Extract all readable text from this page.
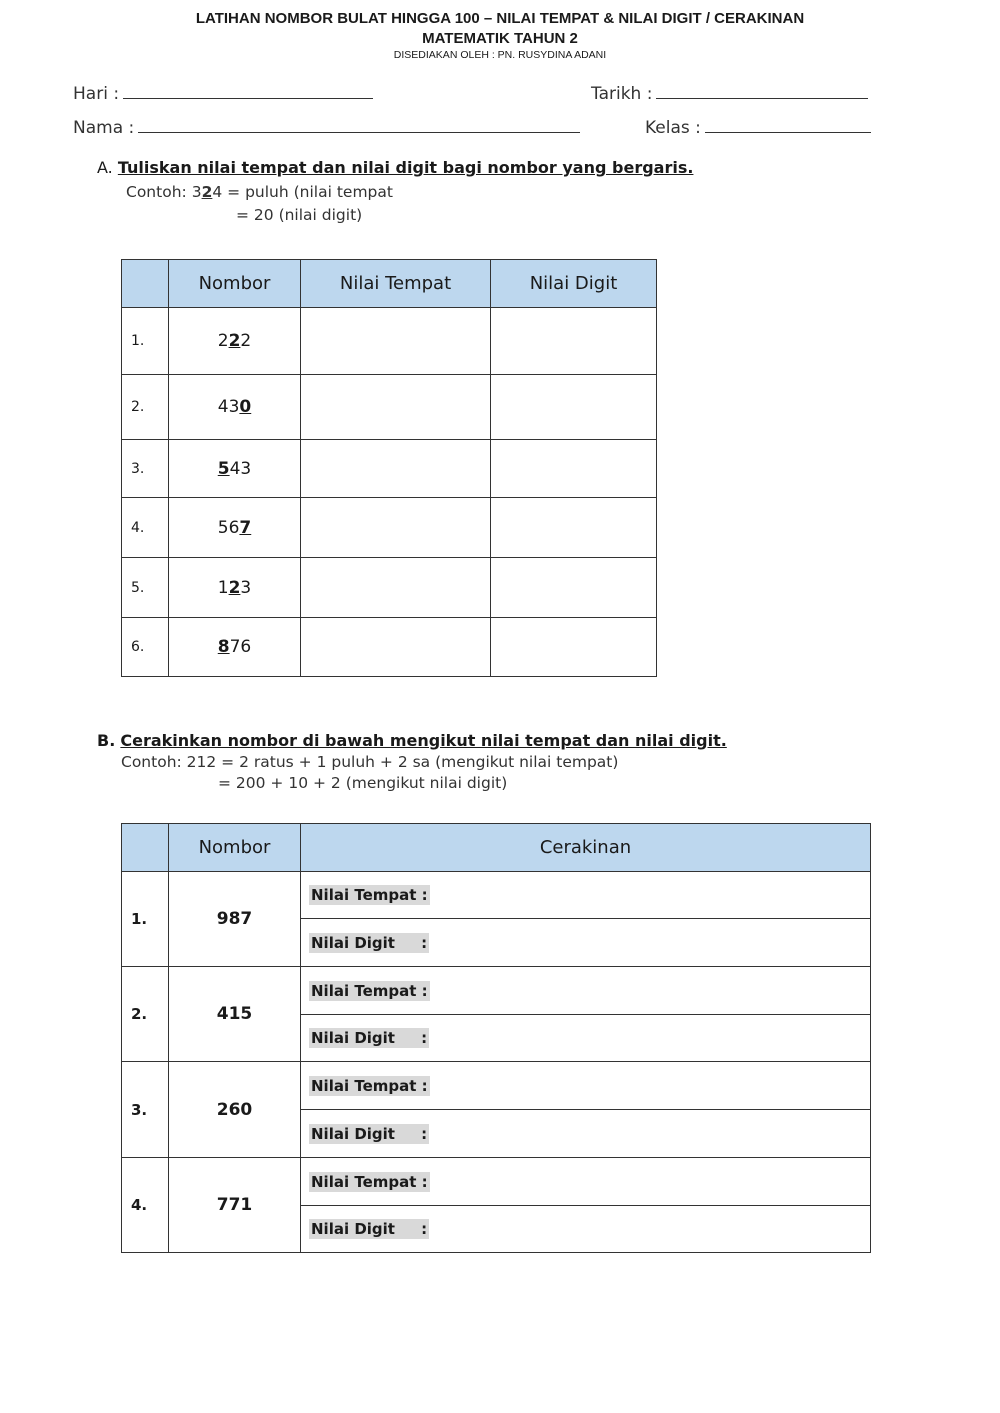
LATIHAN NOMBOR BULAT HINGGA 100 – NILAI TEMPAT & NILAI DIGIT / CERAKINAN
MATEMATIK TAHUN 2
DISEDIAKAN OLEH : PN. RUSYDINA ADANI
Hari :	Tarikh :
Nama :	Kelas :
A. Tuliskan nilai tempat dan nilai digit bagi nombor yang bergaris.
Contoh: 324 = puluh (nilai tempat
= 20 (nilai digit)
	Nombor	Nilai Tempat	Nilai Digit
1.	222		
2.	430		
3.	543		
4.	567		
5.	123		
6.	876		
B. Cerakinkan nombor di bawah mengikut nilai tempat dan nilai digit.
Contoh: 212 = 2 ratus + 1 puluh + 2 sa (mengikut nilai tempat)
= 200 + 10 + 2 (mengikut nilai digit)
	Nombor	Cerakinan
1.	987	Nilai Tempat :
		Nilai Digit     :
2.	415	Nilai Tempat :
		Nilai Digit     :
3.	260	Nilai Tempat :
		Nilai Digit     :
4.	771	Nilai Tempat :
		Nilai Digit     :
